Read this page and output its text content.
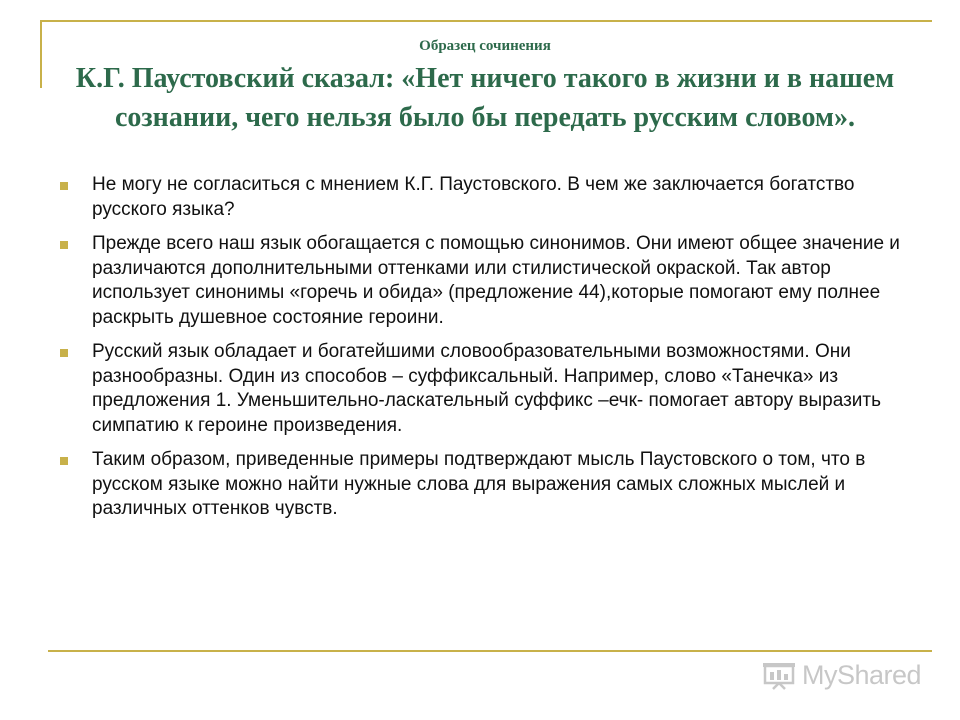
Образец сочинения
К.Г. Паустовский сказал: «Нет ничего такого в жизни и в нашем сознании, чего нельзя было бы передать русским словом».
Не могу не согласиться с мнением К.Г. Паустовского. В чем же заключается богатство русского языка?
Прежде всего наш язык обогащается с помощью синонимов. Они имеют общее значение и различаются дополнительными оттенками или стилистической окраской. Так автор использует синонимы «горечь и обида» (предложение 44),которые помогают ему полнее раскрыть душевное состояние героини.
Русский язык обладает и богатейшими словообразовательными возможностями. Они разнообразны. Один из способов – суффиксальный. Например, слово «Танечка» из предложения 1. Уменьшительно-ласкательный суффикс –ечк- помогает автору выразить симпатию к героине произведения.
Таким образом, приведенные примеры подтверждают мысль Паустовского о том, что в русском языке можно найти нужные слова для выражения самых сложных мыслей и различных оттенков чувств.
MyShared
